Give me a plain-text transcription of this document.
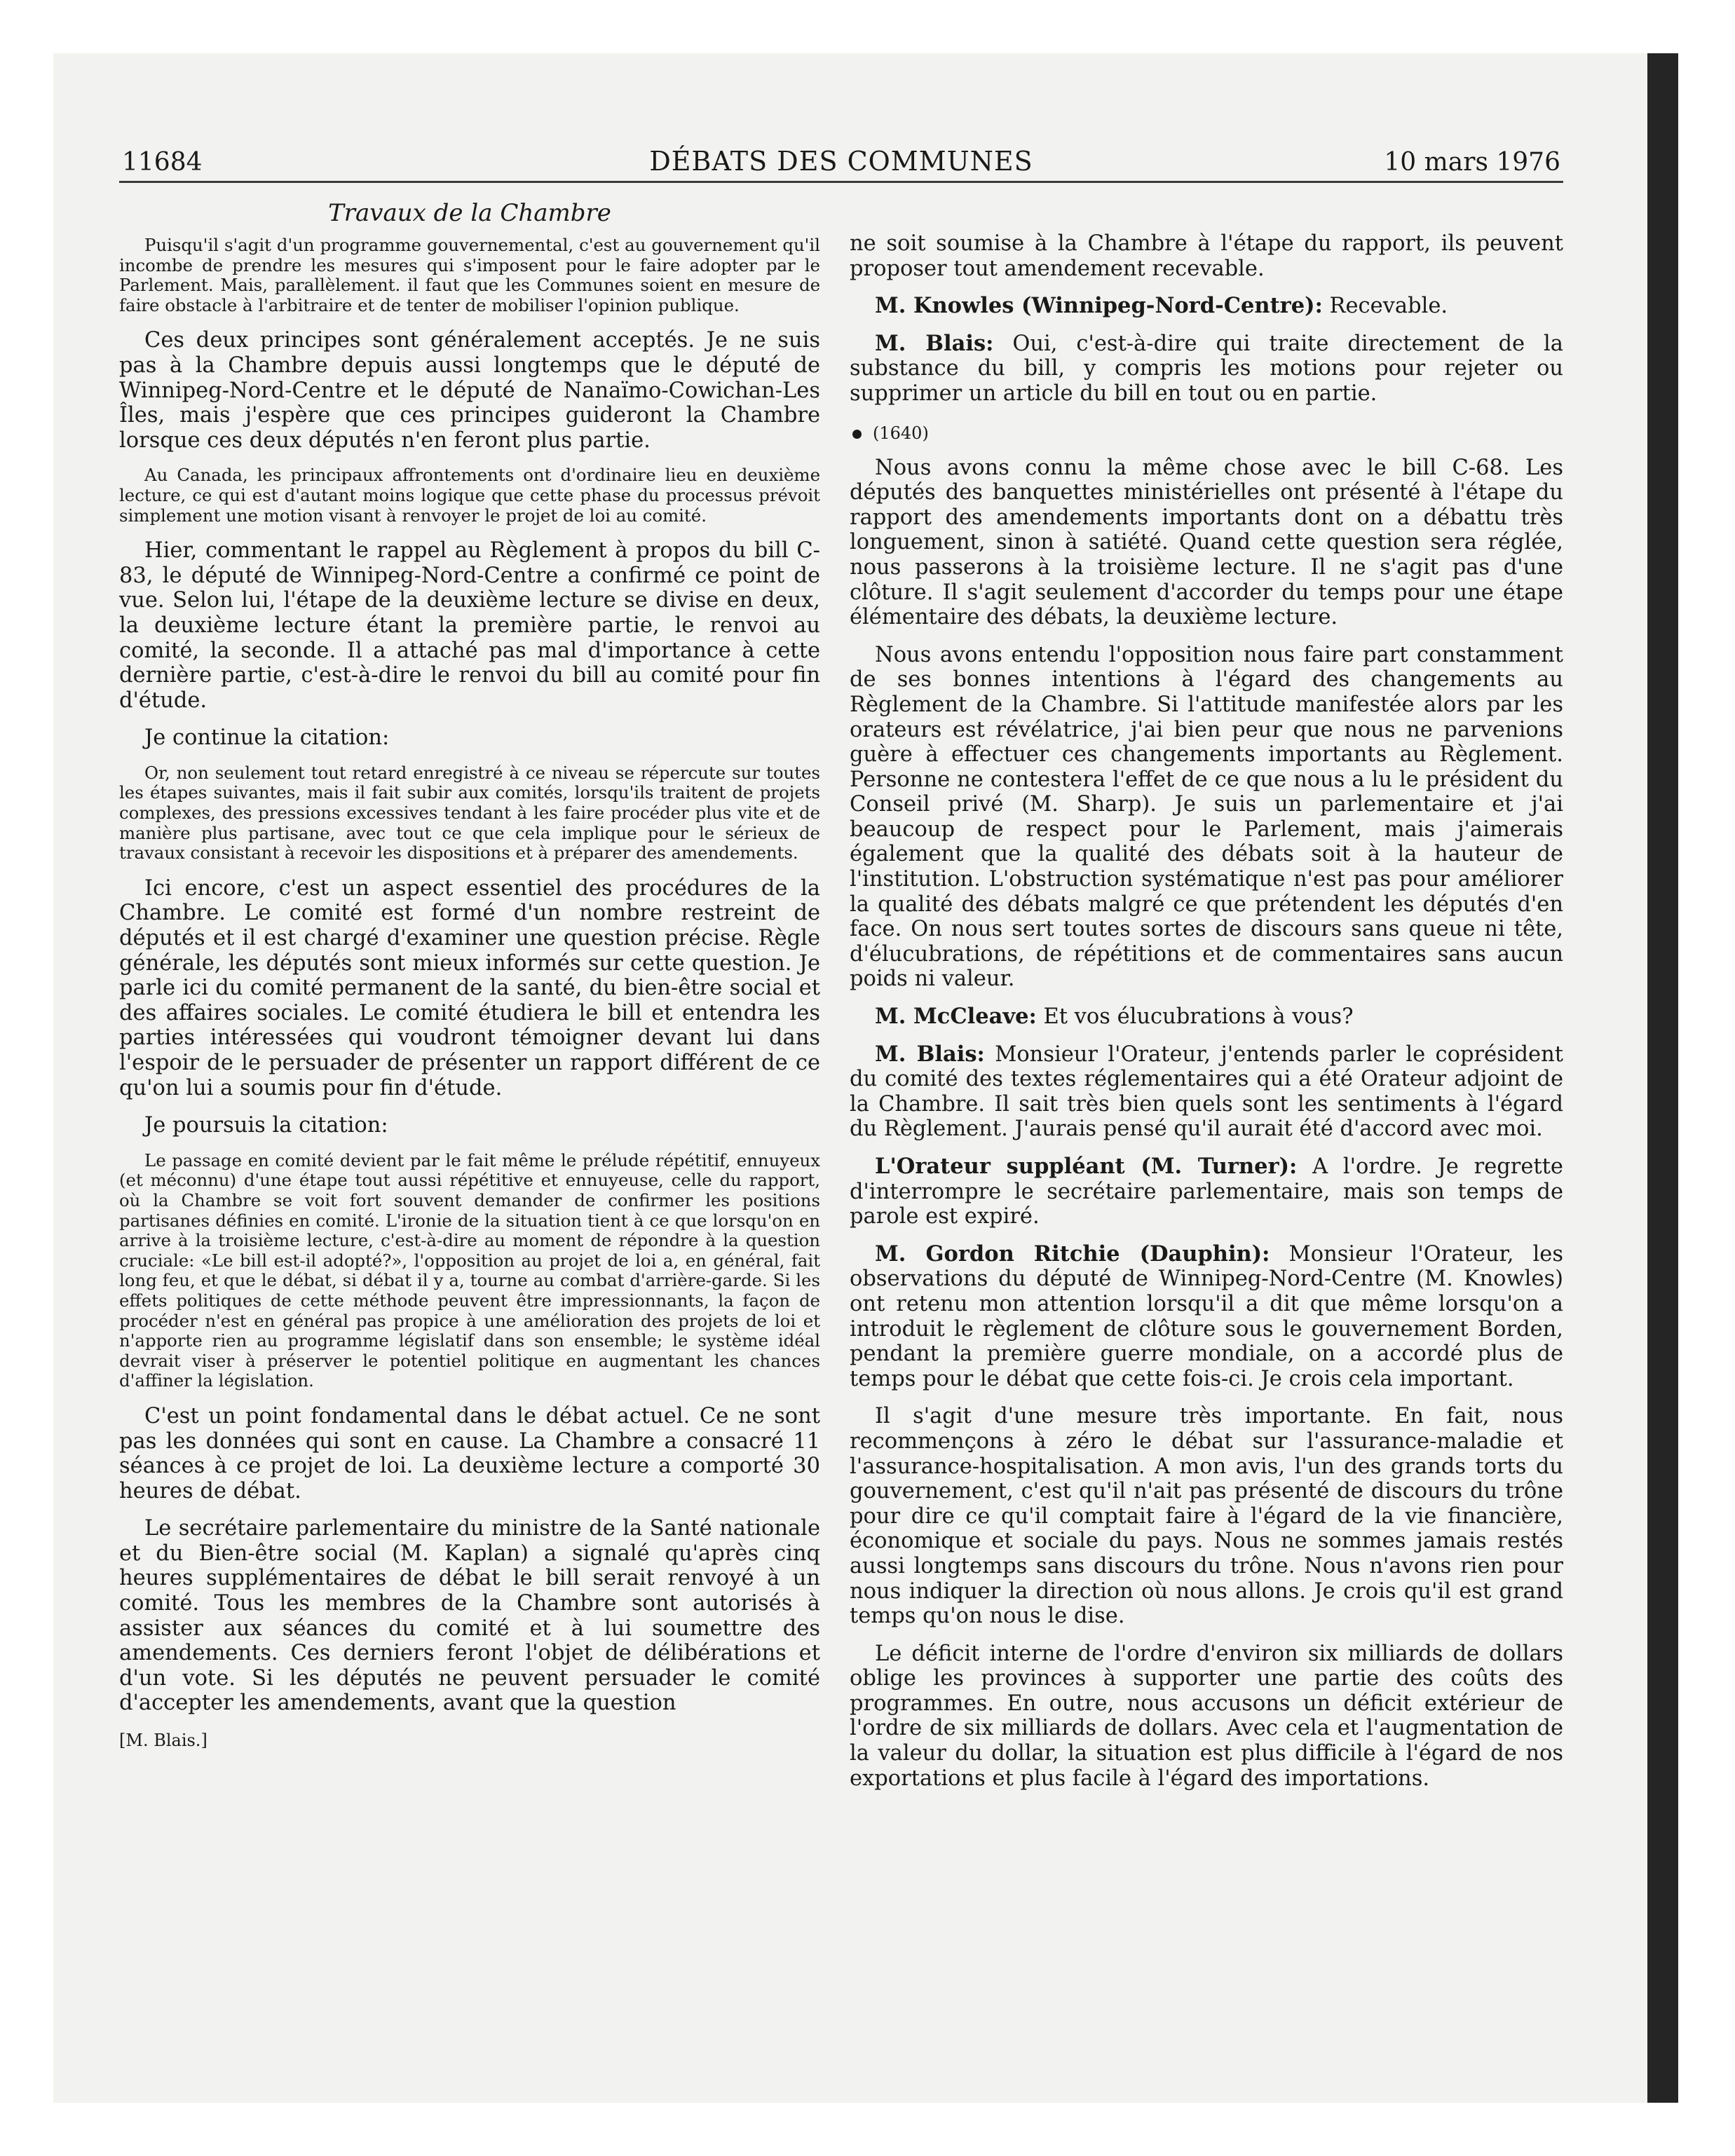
11684	DÉBATS DES COMMUNES	10 mars 1976
Travaux de la Chambre

Puisqu'il s'agit d'un programme gouvernemental, c'est au gouvernement qu'il incombe de prendre les mesures qui s'imposent pour le faire adopter par le Parlement. Mais, parallèlement. il faut que les Communes soient en mesure de faire obstacle à l'arbitraire et de tenter de mobiliser l'opinion publique.

Ces deux principes sont généralement acceptés. Je ne suis pas à la Chambre depuis aussi longtemps que le député de Winnipeg-Nord-Centre et le député de Nanaïmo-Cowichan-Les Îles, mais j'espère que ces principes guideront la Chambre lorsque ces deux députés n'en feront plus partie.

Au Canada, les principaux affrontements ont d'ordinaire lieu en deuxième lecture, ce qui est d'autant moins logique que cette phase du processus prévoit simplement une motion visant à renvoyer le projet de loi au comité.

Hier, commentant le rappel au Règlement à propos du bill C-83, le député de Winnipeg-Nord-Centre a confirmé ce point de vue. Selon lui, l'étape de la deuxième lecture se divise en deux, la deuxième lecture étant la première partie, le renvoi au comité, la seconde. Il a attaché pas mal d'importance à cette dernière partie, c'est-à-dire le renvoi du bill au comité pour fin d'étude.

Je continue la citation:

Or, non seulement tout retard enregistré à ce niveau se répercute sur toutes les étapes suivantes, mais il fait subir aux comités, lorsqu'ils traitent de projets complexes, des pressions excessives tendant à les faire procéder plus vite et de manière plus partisane, avec tout ce que cela implique pour le sérieux de travaux consistant à recevoir les dispositions et à préparer des amendements.

Ici encore, c'est un aspect essentiel des procédures de la Chambre. Le comité est formé d'un nombre restreint de députés et il est chargé d'examiner une question précise. Règle générale, les députés sont mieux informés sur cette question. Je parle ici du comité permanent de la santé, du bien-être social et des affaires sociales. Le comité étudiera le bill et entendra les parties intéressées qui voudront témoigner devant lui dans l'espoir de le persuader de présenter un rapport différent de ce qu'on lui a soumis pour fin d'étude.

Je poursuis la citation:

Le passage en comité devient par le fait même le prélude répétitif, ennuyeux (et méconnu) d'une étape tout aussi répétitive et ennuyeuse, celle du rapport, où la Chambre se voit fort souvent demander de confirmer les positions partisanes définies en comité. L'ironie de la situation tient à ce que lorsqu'on en arrive à la troisième lecture, c'est-à-dire au moment de répondre à la question cruciale: «Le bill est-il adopté?», l'opposition au projet de loi a, en général, fait long feu, et que le débat, si débat il y a, tourne au combat d'arrière-garde. Si les effets politiques de cette méthode peuvent être impressionnants, la façon de procéder n'est en général pas propice à une amélioration des projets de loi et n'apporte rien au programme législatif dans son ensemble; le système idéal devrait viser à préserver le potentiel politique en augmentant les chances d'affiner la législation.

C'est un point fondamental dans le débat actuel. Ce ne sont pas les données qui sont en cause. La Chambre a consacré 11 séances à ce projet de loi. La deuxième lecture a comporté 30 heures de débat.

Le secrétaire parlementaire du ministre de la Santé nationale et du Bien-être social (M. Kaplan) a signalé qu'après cinq heures supplémentaires de débat le bill serait renvoyé à un comité. Tous les membres de la Chambre sont autorisés à assister aux séances du comité et à lui soumettre des amendements. Ces derniers feront l'objet de délibérations et d'un vote. Si les députés ne peuvent persuader le comité d'accepter les amendements, avant que la question

[M. Blais.]

ne soit soumise à la Chambre à l'étape du rapport, ils peuvent proposer tout amendement recevable.

M. Knowles (Winnipeg-Nord-Centre): Recevable.

M. Blais: Oui, c'est-à-dire qui traite directement de la substance du bill, y compris les motions pour rejeter ou supprimer un article du bill en tout ou en partie.

(1640)

Nous avons connu la même chose avec le bill C-68. Les députés des banquettes ministérielles ont présenté à l'étape du rapport des amendements importants dont on a débattu très longuement, sinon à satiété. Quand cette question sera réglée, nous passerons à la troisième lecture. Il ne s'agit pas d'une clôture. Il s'agit seulement d'accorder du temps pour une étape élémentaire des débats, la deuxième lecture.

Nous avons entendu l'opposition nous faire part constamment de ses bonnes intentions à l'égard des changements au Règlement de la Chambre. Si l'attitude manifestée alors par les orateurs est révélatrice, j'ai bien peur que nous ne parvenions guère à effectuer ces changements importants au Règlement. Personne ne contestera l'effet de ce que nous a lu le président du Conseil privé (M. Sharp). Je suis un parlementaire et j'ai beaucoup de respect pour le Parlement, mais j'aimerais également que la qualité des débats soit à la hauteur de l'institution. L'obstruction systématique n'est pas pour améliorer la qualité des débats malgré ce que prétendent les députés d'en face. On nous sert toutes sortes de discours sans queue ni tête, d'élucubrations, de répétitions et de commentaires sans aucun poids ni valeur.

M. McCleave: Et vos élucubrations à vous?

M. Blais: Monsieur l'Orateur, j'entends parler le coprésident du comité des textes réglementaires qui a été Orateur adjoint de la Chambre. Il sait très bien quels sont les sentiments à l'égard du Règlement. J'aurais pensé qu'il aurait été d'accord avec moi.

L'Orateur suppléant (M. Turner): A l'ordre. Je regrette d'interrompre le secrétaire parlementaire, mais son temps de parole est expiré.

M. Gordon Ritchie (Dauphin): Monsieur l'Orateur, les observations du député de Winnipeg-Nord-Centre (M. Knowles) ont retenu mon attention lorsqu'il a dit que même lorsqu'on a introduit le règlement de clôture sous le gouvernement Borden, pendant la première guerre mondiale, on a accordé plus de temps pour le débat que cette fois-ci. Je crois cela important.

Il s'agit d'une mesure très importante. En fait, nous recommençons à zéro le débat sur l'assurance-maladie et l'assurance-hospitalisation. A mon avis, l'un des grands torts du gouvernement, c'est qu'il n'ait pas présenté de discours du trône pour dire ce qu'il comptait faire à l'égard de la vie financière, économique et sociale du pays. Nous ne sommes jamais restés aussi longtemps sans discours du trône. Nous n'avons rien pour nous indiquer la direction où nous allons. Je crois qu'il est grand temps qu'on nous le dise.

Le déficit interne de l'ordre d'environ six milliards de dollars oblige les provinces à supporter une partie des coûts des programmes. En outre, nous accusons un déficit extérieur de l'ordre de six milliards de dollars. Avec cela et l'augmentation de la valeur du dollar, la situation est plus difficile à l'égard de nos exportations et plus facile à l'égard des importations.
